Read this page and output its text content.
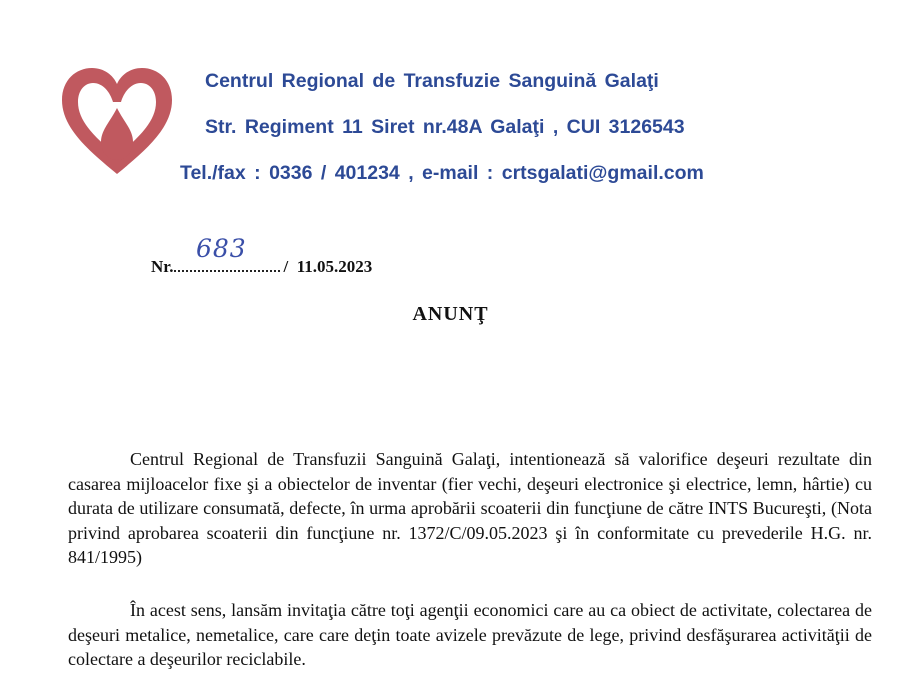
Centrul Regional de Transfuzie Sanguină Galaţi
Str. Regiment 11 Siret nr.48A Galaţi , CUI 3126543
Tel./fax : 0336 / 401234 , e-mail : crtsgalati@gmail.com
683
Nr.	/ 11.05.2023
ANUNŢ
Centrul Regional de Transfuzii Sanguină Galaţi, intentionează să valorifice deşeuri rezultate din casarea mijloacelor fixe şi a obiectelor de inventar (fier vechi, deşeuri electronice şi electrice, lemn, hârtie) cu durata de utilizare consumată, defecte, în urma aprobării scoaterii din funcţiune de către INTS Bucureşti, (Nota privind aprobarea scoaterii din funcţiune nr. 1372/C/09.05.2023 şi în conformitate cu prevederile H.G. nr. 841/1995)
În acest sens, lansăm invitaţia către toţi agenţii economici care au ca obiect de activitate, colectarea de deşeuri metalice, nemetalice, care care deţin toate avizele prevăzute de lege, privind desfăşurarea activităţii de colectare a deşeurilor reciclabile.
